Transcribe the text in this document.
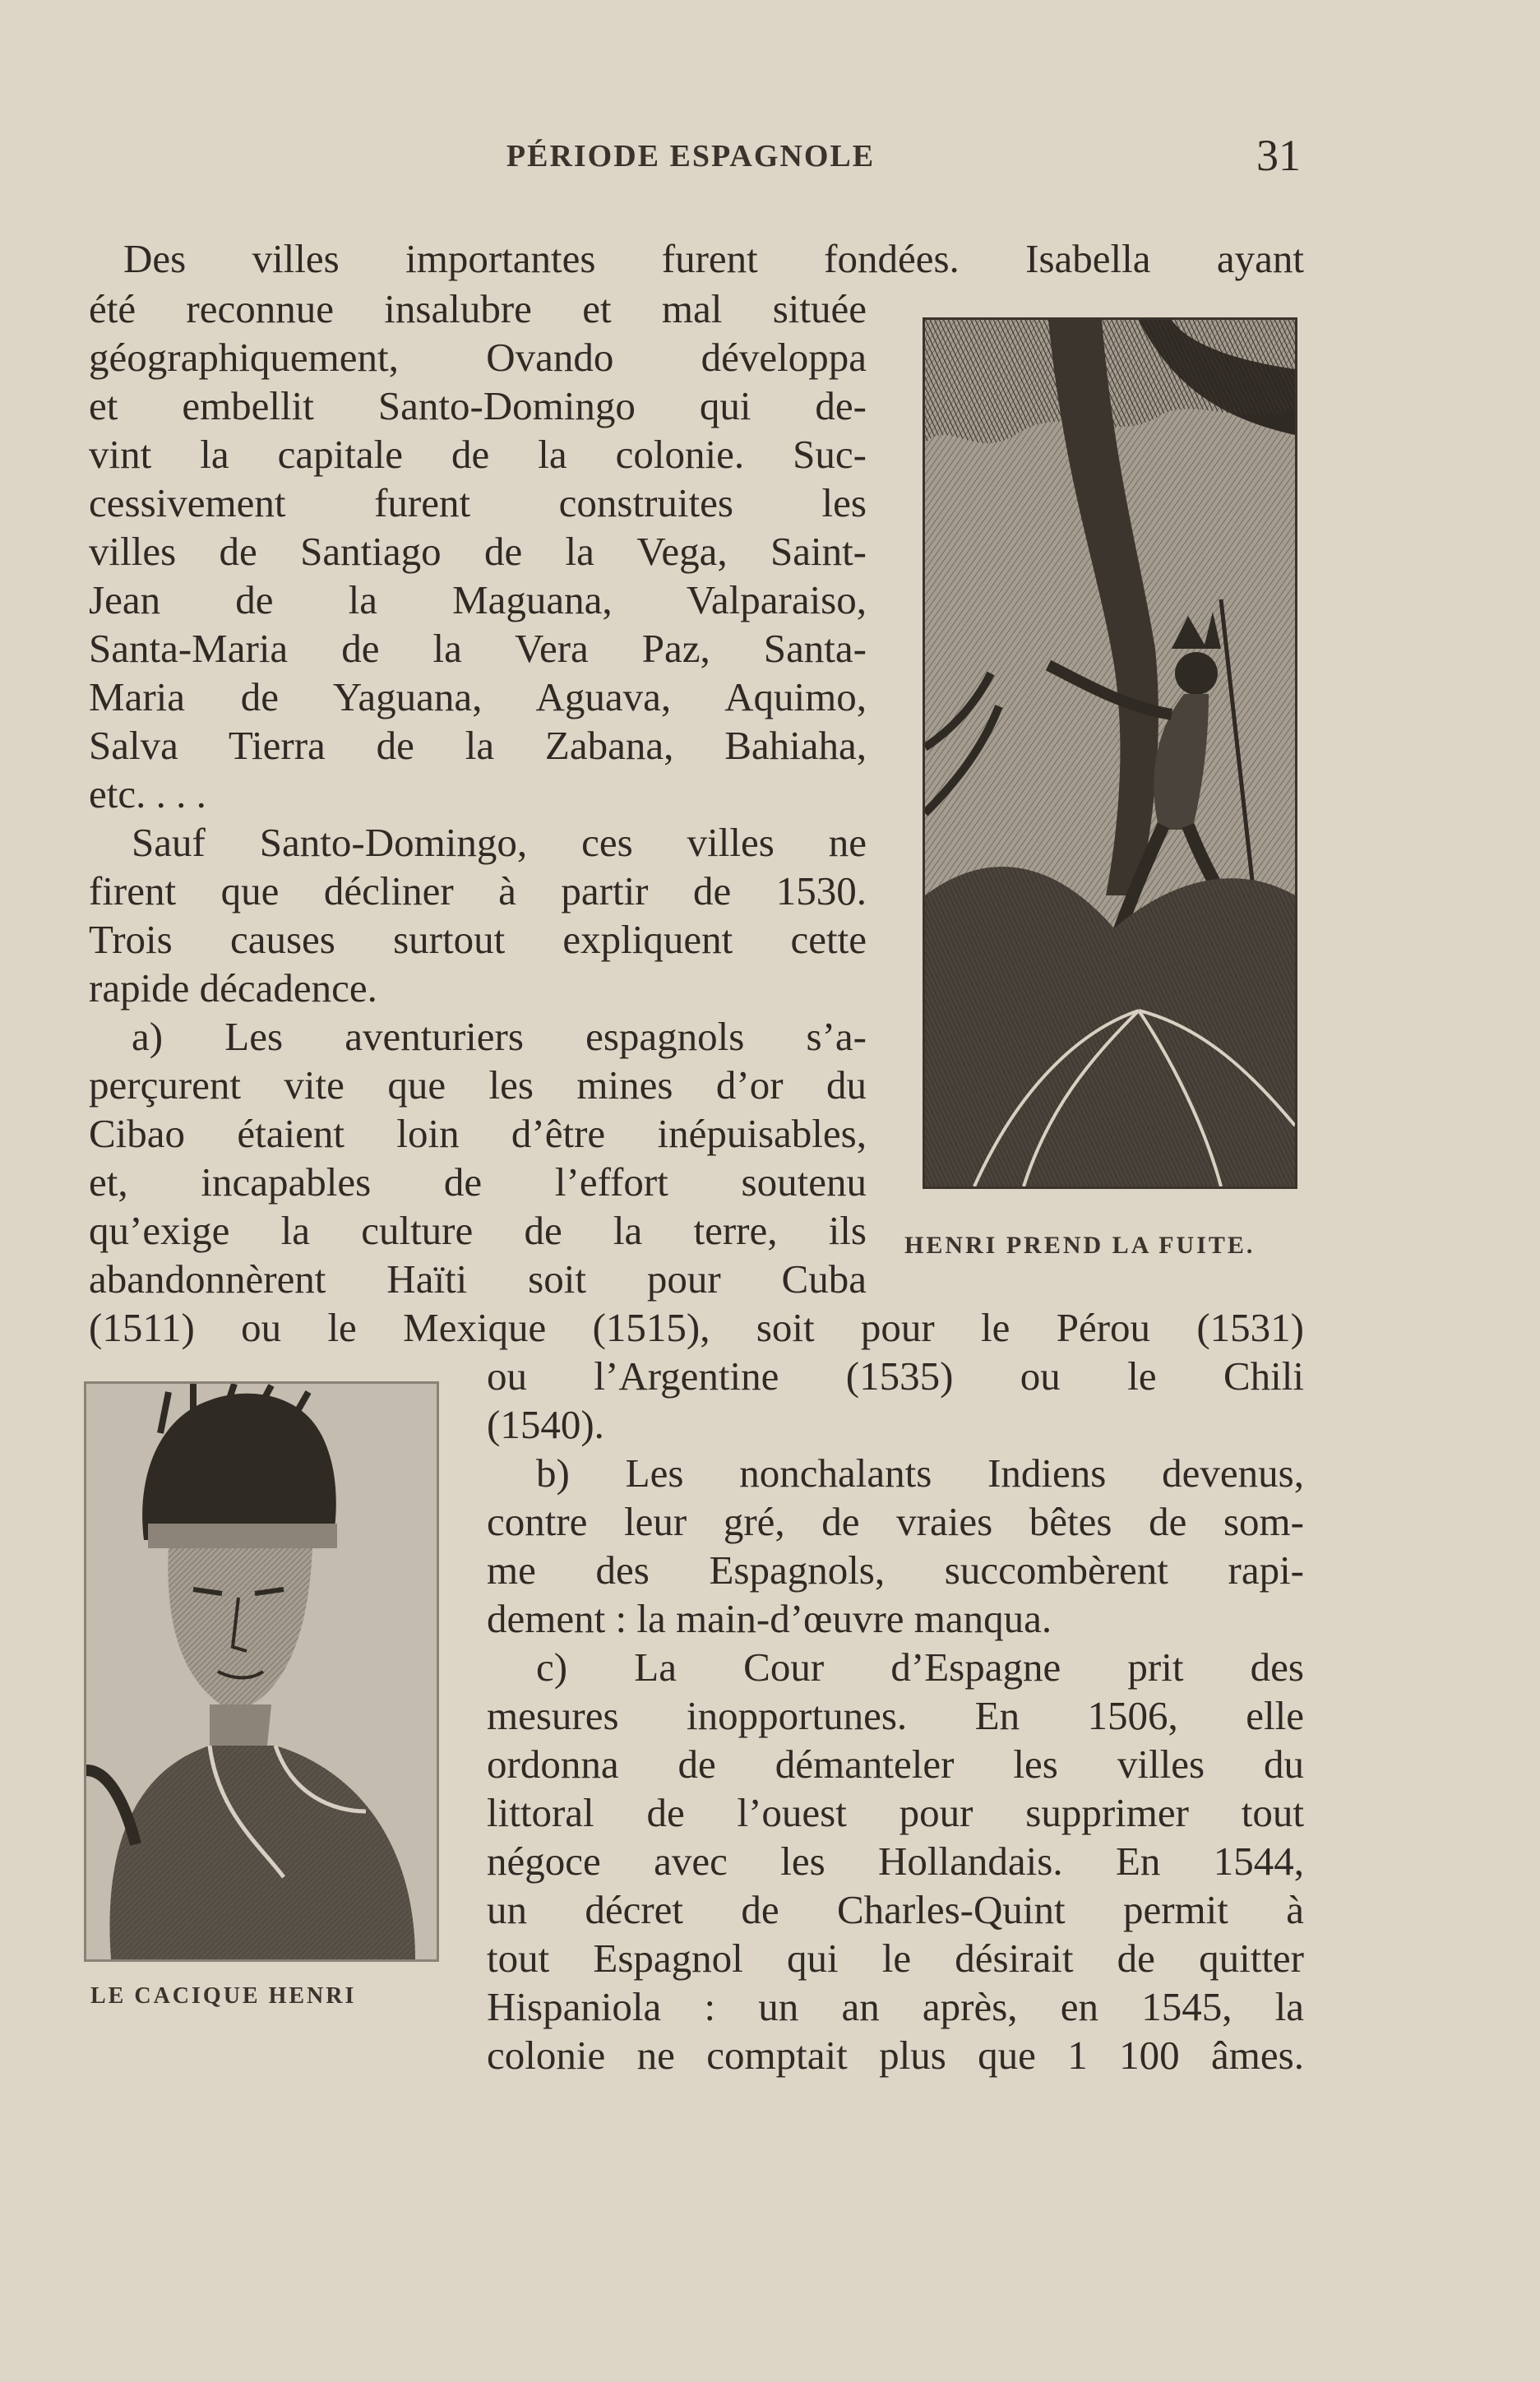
PÉRIODE ESPAGNOLE	31
HENRI PREND LA FUITE.
LE CACIQUE HENRI
Des villes importantes furent fondées. Isabella ayant
été reconnue insalubre et mal située
géographiquement, Ovando développa
et embellit Santo-Domingo qui de-
vint la capitale de la colonie. Suc-
cessivement furent construites les
villes de Santiago de la Vega, Saint-
Jean de la Maguana, Valparaiso,
Santa-Maria de la Vera Paz, Santa-
Maria de Yaguana, Aguava, Aquimo,
Salva Tierra de la Zabana, Bahiaha,
etc. . . .
Sauf Santo-Domingo, ces villes ne
firent que décliner à partir de 1530.
Trois causes surtout expliquent cette
rapide décadence.
a) Les aventuriers espagnols s’a-
perçurent vite que les mines d’or du
Cibao étaient loin d’être inépuisables,
et, incapables de l’effort soutenu
qu’exige la culture de la terre, ils
abandonnèrent Haïti soit pour Cuba
(1511) ou le Mexique (1515), soit pour le Pérou (1531)
ou l’Argentine (1535) ou le Chili
(1540).
b) Les nonchalants Indiens devenus,
contre leur gré, de vraies bêtes de som-
me des Espagnols, succombèrent rapi-
dement : la main-d’œuvre manqua.
c) La Cour d’Espagne prit des
mesures inopportunes. En 1506, elle
ordonna de démanteler les villes du
littoral de l’ouest pour supprimer tout
négoce avec les Hollandais. En 1544,
un décret de Charles-Quint permit à
tout Espagnol qui le désirait de quitter
Hispaniola : un an après, en 1545, la
colonie ne comptait plus que 1 100 âmes.
